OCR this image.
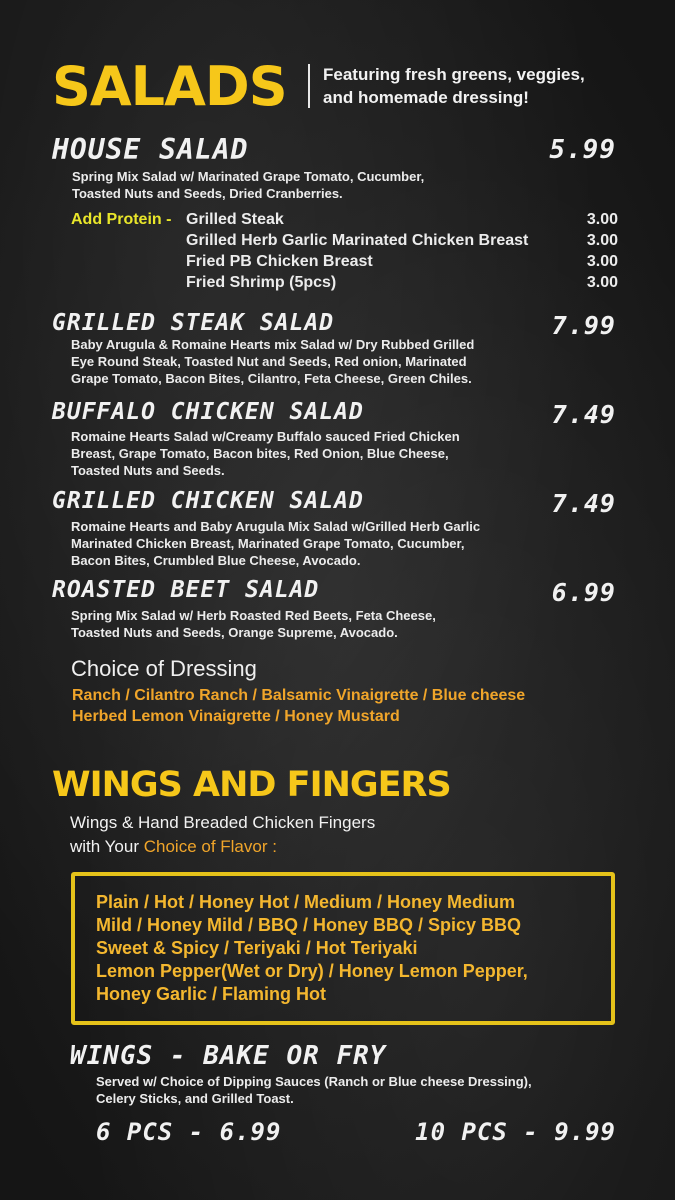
SALADS Featuring fresh greens, veggies,
and homemade dressing!
HOUSE SALAD	5.99
Spring Mix Salad w/ Marinated Grape Tomato, Cucumber,
Toasted Nuts and Seeds, Dried Cranberries.
Add Protein - Grilled Steak	3.00
Grilled Herb Garlic Marinated Chicken Breast	3.00
Fried PB Chicken Breast	3.00
Fried Shrimp (5pcs)	3.00
GRILLED STEAK SALAD	7.99
Baby Arugula & Romaine Hearts mix Salad w/ Dry Rubbed Grilled
Eye Round Steak, Toasted Nut and Seeds, Red onion, Marinated
Grape Tomato, Bacon Bites, Cilantro, Feta Cheese, Green Chiles.
BUFFALO CHICKEN SALAD	7.49
Romaine Hearts Salad w/Creamy Buffalo sauced Fried Chicken
Breast, Grape Tomato, Bacon bites, Red Onion, Blue Cheese,
Toasted Nuts and Seeds.
GRILLED CHICKEN SALAD	7.49
Romaine Hearts and Baby Arugula Mix Salad w/Grilled Herb Garlic
Marinated Chicken Breast, Marinated Grape Tomato, Cucumber,
Bacon Bites, Crumbled Blue Cheese, Avocado.
ROASTED BEET SALAD	6.99
Spring Mix Salad w/ Herb Roasted Red Beets, Feta Cheese,
Toasted Nuts and Seeds, Orange Supreme, Avocado.
Choice of Dressing
Ranch / Cilantro Ranch / Balsamic Vinaigrette / Blue cheese
Herbed Lemon Vinaigrette / Honey Mustard
WINGS AND FINGERS
Wings & Hand Breaded Chicken Fingers
with Your Choice of Flavor :
Plain / Hot / Honey Hot / Medium / Honey Medium
Mild / Honey Mild / BBQ / Honey BBQ / Spicy BBQ
Sweet & Spicy / Teriyaki / Hot Teriyaki
Lemon Pepper(Wet or Dry) / Honey Lemon Pepper,
Honey Garlic / Flaming Hot
WINGS - BAKE OR FRY
Served w/ Choice of Dipping Sauces (Ranch or Blue cheese Dressing),
Celery Sticks, and Grilled Toast.
6 PCS - 6.99	10 PCS - 9.99
